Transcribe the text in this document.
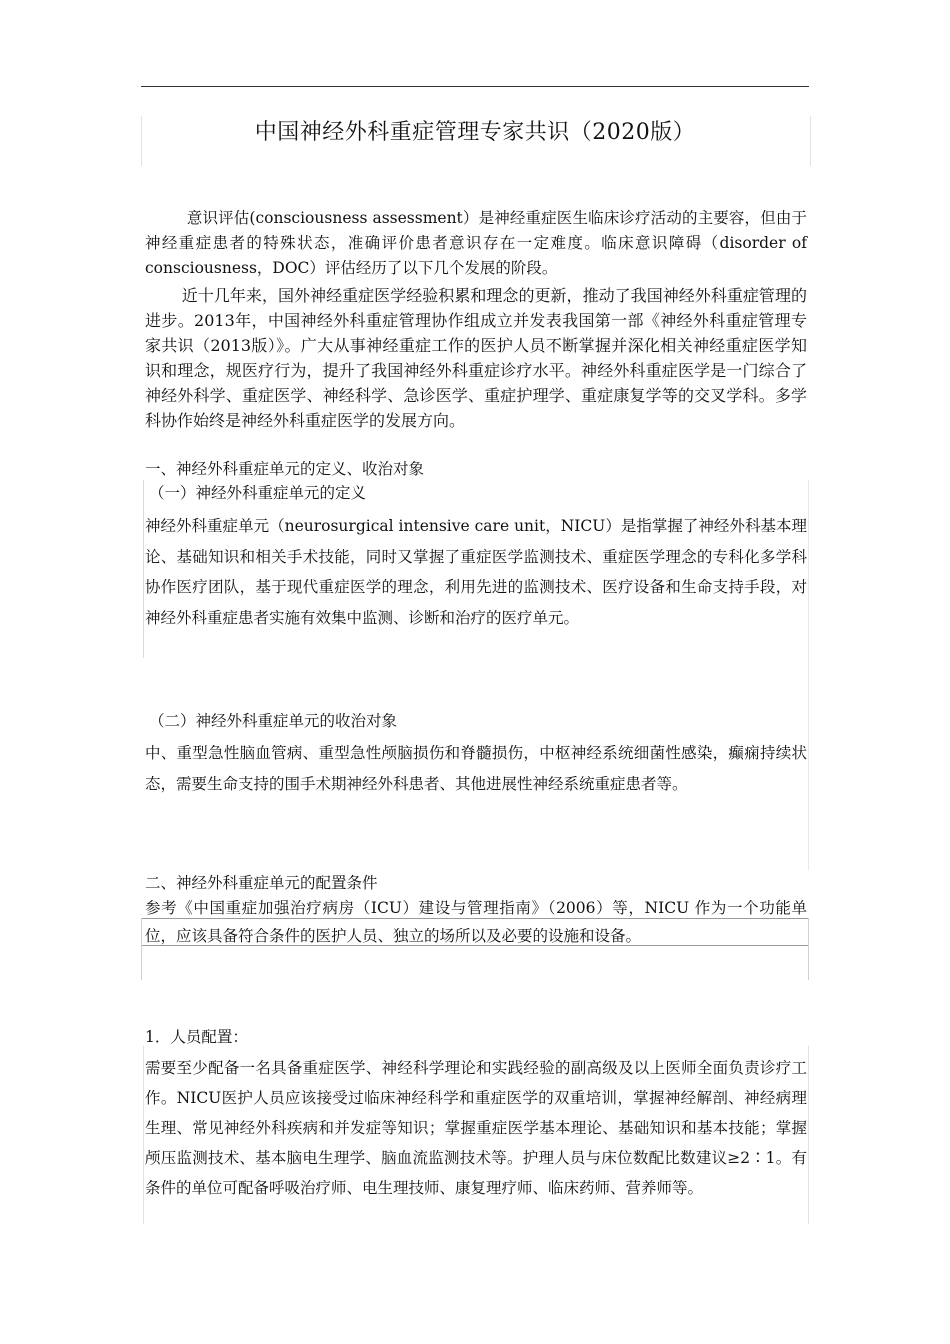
中国神经外科重症管理专家共识（2020版）
意识评估(consciousness assessment）是神经重症医生临床诊疗活动的主要容，但由于神经重症患者的特殊状态，准确评价患者意识存在一定难度。临床意识障碍（disorder of consciousness，DOC）评估经历了以下几个发展的阶段。
近十几年来，国外神经重症医学经验积累和理念的更新，推动了我国神经外科重症管理的进步。2013年，中国神经外科重症管理协作组成立并发表我国第一部《神经外科重症管理专家共识（2013版）》。广大从事神经重症工作的医护人员不断掌握并深化相关神经重症医学知识和理念，规医疗行为，提升了我国神经外科重症诊疗水平。神经外科重症医学是一门综合了神经外科学、重症医学、神经科学、急诊医学、重症护理学、重症康复学等的交叉学科。多学科协作始终是神经外科重症医学的发展方向。
一、神经外科重症单元的定义、收治对象
（一）神经外科重症单元的定义
神经外科重症单元（neurosurgical intensive care unit，NICU）是指掌握了神经外科基本理论、基础知识和相关手术技能，同时又掌握了重症医学监测技术、重症医学理念的专科化多学科协作医疗团队，基于现代重症医学的理念，利用先进的监测技术、医疗设备和生命支持手段，对神经外科重症患者实施有效集中监测、诊断和治疗的医疗单元。
（二）神经外科重症单元的收治对象
中、重型急性脑血管病、重型急性颅脑损伤和脊髓损伤，中枢神经系统细菌性感染，癫痫持续状态，需要生命支持的围手术期神经外科患者、其他进展性神经系统重症患者等。
二、神经外科重症单元的配置条件
参考《中国重症加强治疗病房（ICU）建设与管理指南》（2006）等，NICU 作为一个功能单位，应该具备符合条件的医护人员、独立的场所以及必要的设施和设备。
1．人员配置：
需要至少配备一名具备重症医学、神经科学理论和实践经验的副高级及以上医师全面负责诊疗工作。NICU医护人员应该接受过临床神经科学和重症医学的双重培训，掌握神经解剖、神经病理生理、常见神经外科疾病和并发症等知识；掌握重症医学基本理论、基础知识和基本技能；掌握颅压监测技术、基本脑电生理学、脑血流监测技术等。护理人员与床位数配比数建议≥2∶1。有条件的单位可配备呼吸治疗师、电生理技师、康复理疗师、临床药师、营养师等。
